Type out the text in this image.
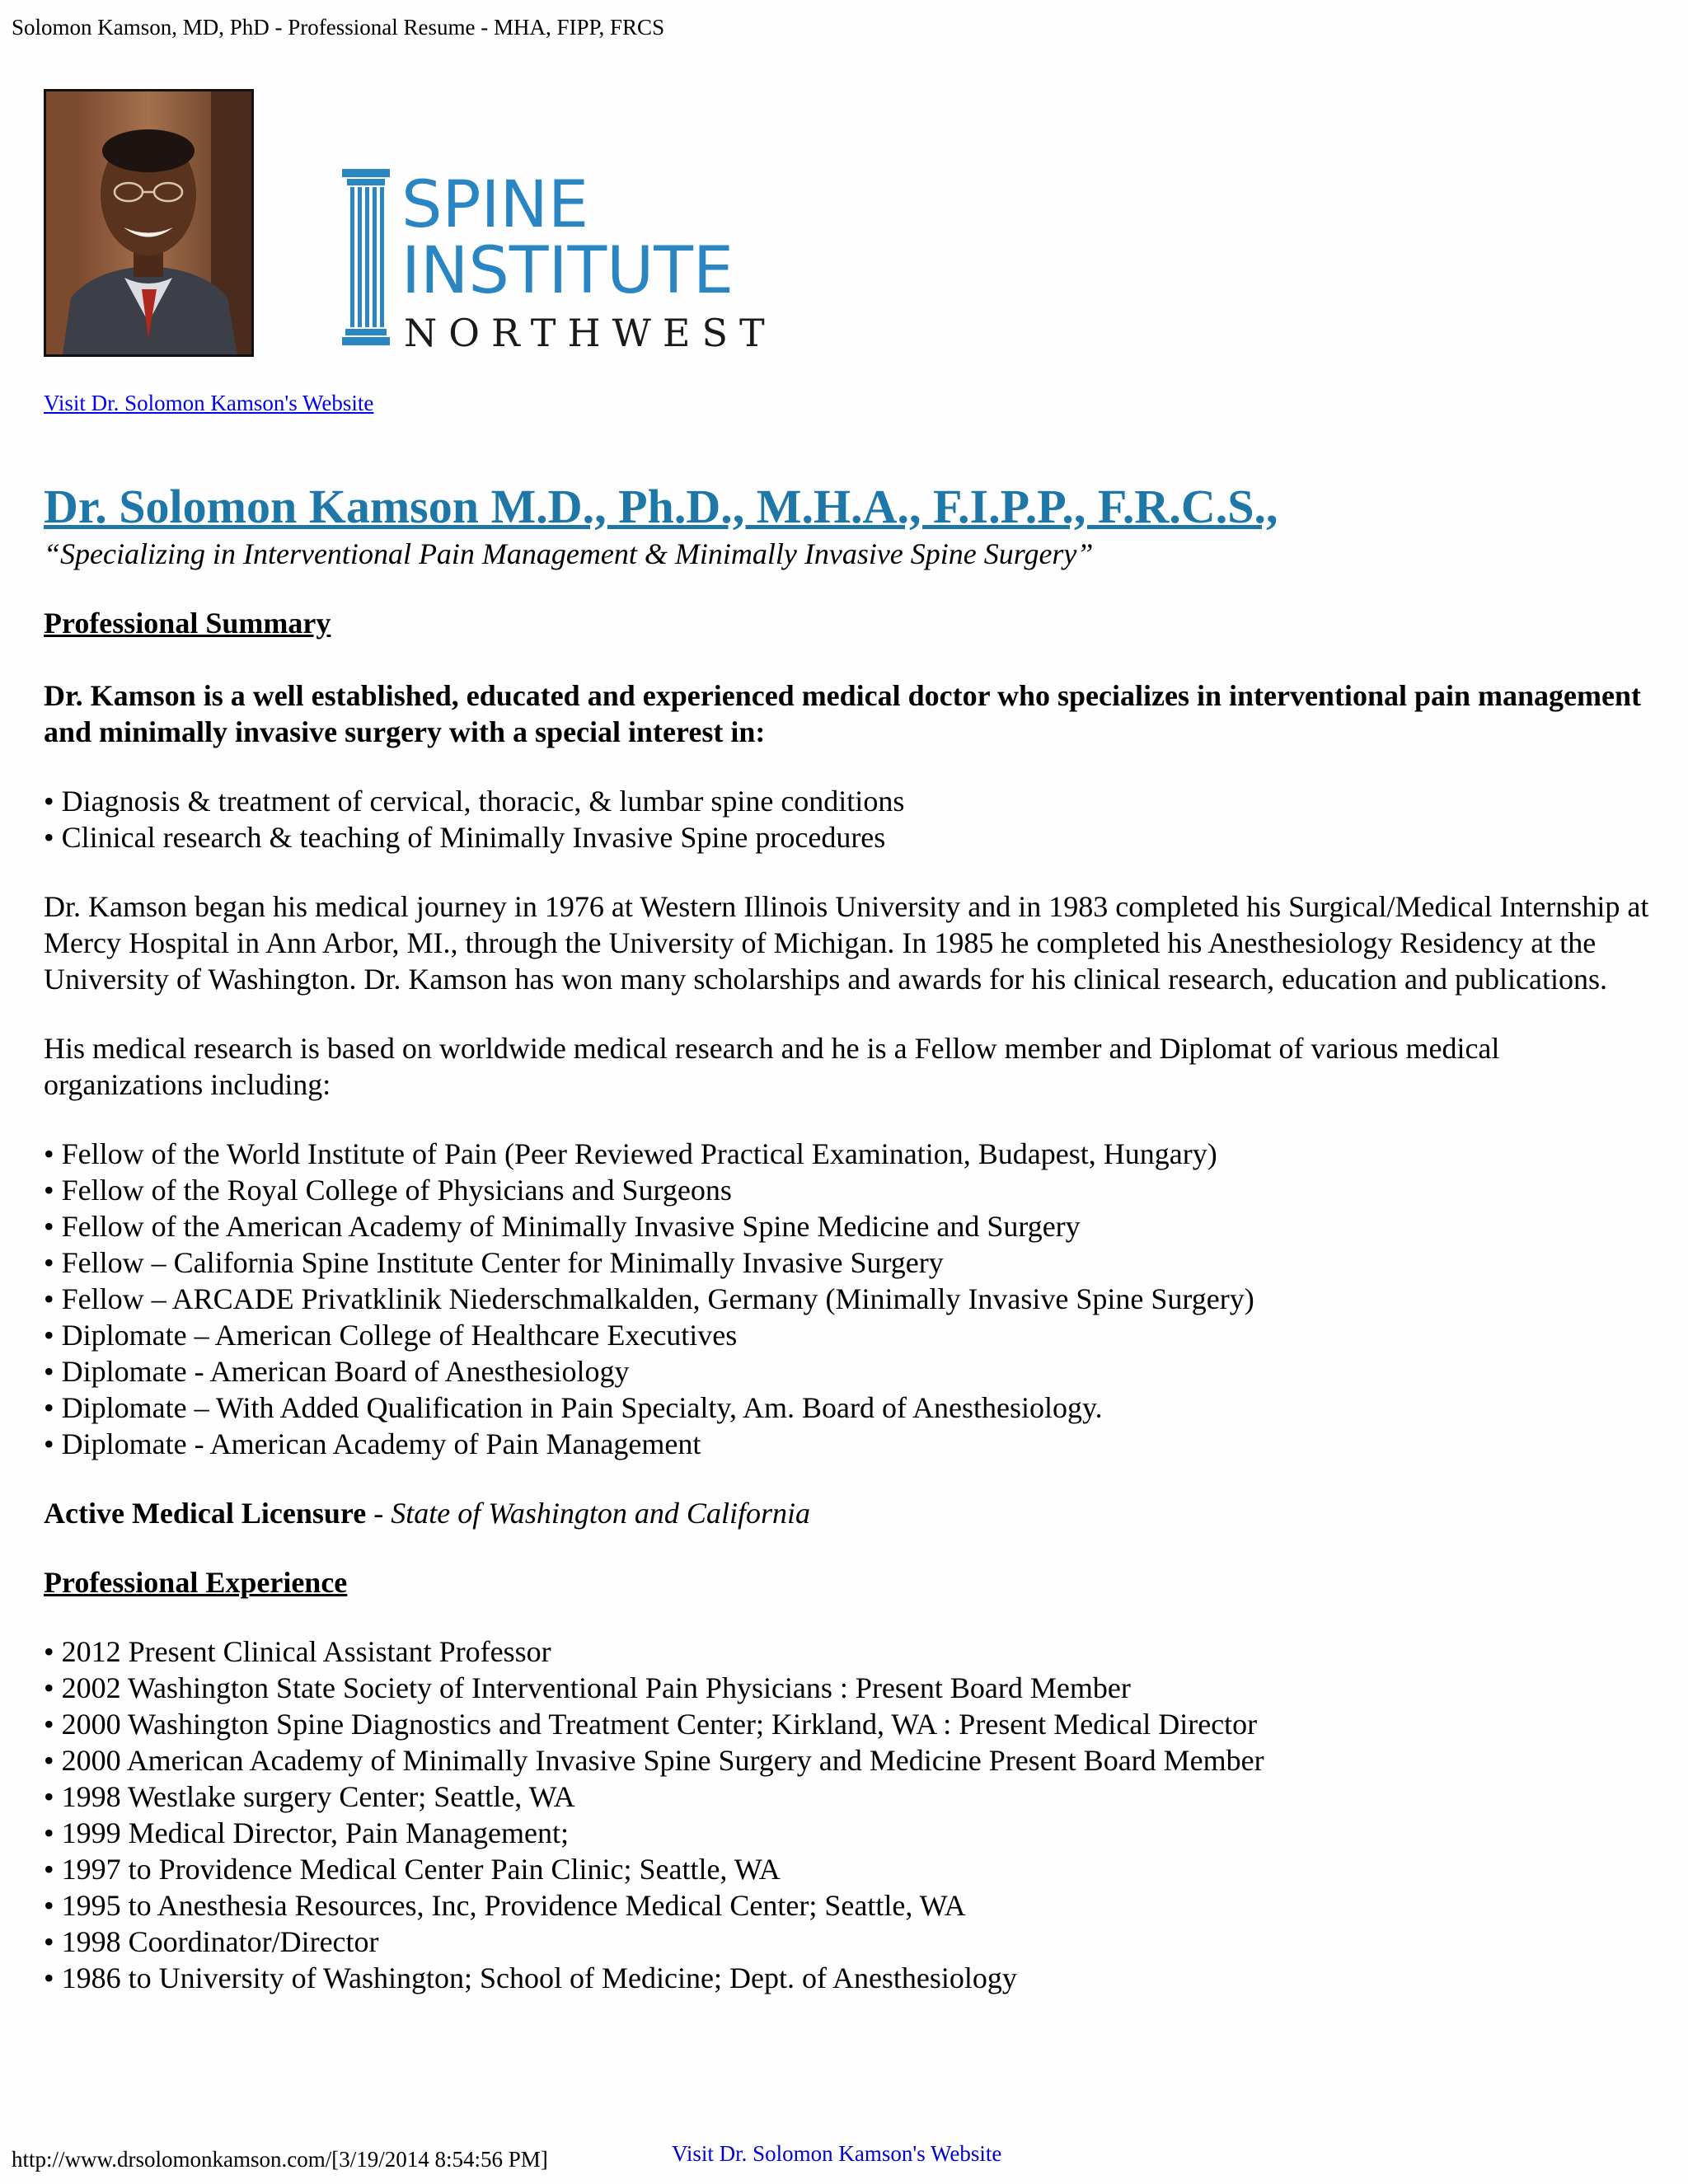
Solomon Kamson, MD, PhD - Professional Resume - MHA, FIPP, FRCS
SPINE
INSTITUTE
NORTHWEST
Visit Dr. Solomon Kamson's Website
Dr. Solomon Kamson M.D., Ph.D., M.H.A., F.I.P.P., F.R.C.S.,

“Specializing in Interventional Pain Management & Minimally Invasive Spine Surgery”

Professional Summary

Dr. Kamson is a well established, educated and experienced medical doctor who specializes in interventional pain management and minimally invasive surgery with a special interest in:

• Diagnosis & treatment of cervical, thoracic, & lumbar spine conditions
• Clinical research & teaching of Minimally Invasive Spine procedures

Dr. Kamson began his medical journey in 1976 at Western Illinois University and in 1983 completed his Surgical/Medical Internship at Mercy Hospital in Ann Arbor, MI., through the University of Michigan. In 1985 he completed his Anesthesiology Residency at the University of Washington. Dr. Kamson has won many scholarships and awards for his clinical research, education and publications.

His medical research is based on worldwide medical research and he is a Fellow member and Diplomat of various medical organizations including:

• Fellow of the World Institute of Pain (Peer Reviewed Practical Examination, Budapest, Hungary)
• Fellow of the Royal College of Physicians and Surgeons
• Fellow of the American Academy of Minimally Invasive Spine Medicine and Surgery
• Fellow – California Spine Institute Center for Minimally Invasive Surgery
• Fellow – ARCADE Privatklinik Niederschmalkalden, Germany (Minimally Invasive Spine Surgery)
• Diplomate – American College of Healthcare Executives
• Diplomate - American Board of Anesthesiology
• Diplomate – With Added Qualification in Pain Specialty, Am. Board of Anesthesiology.
• Diplomate - American Academy of Pain Management

Active Medical Licensure - State of Washington and California

Professional Experience

• 2012 Present Clinical Assistant Professor
• 2002 Washington State Society of Interventional Pain Physicians : Present Board Member
• 2000 Washington Spine Diagnostics and Treatment Center; Kirkland, WA : Present Medical Director
• 2000 American Academy of Minimally Invasive Spine Surgery and Medicine Present Board Member
• 1998 Westlake surgery Center; Seattle, WA
• 1999 Medical Director, Pain Management;
• 1997 to Providence Medical Center Pain Clinic; Seattle, WA
• 1995 to Anesthesia Resources, Inc, Providence Medical Center; Seattle, WA
• 1998 Coordinator/Director
• 1986 to University of Washington; School of Medicine; Dept. of Anesthesiology
http://www.drsolomonkamson.com/[3/19/2014 8:54:56 PM]	Visit Dr. Solomon Kamson's Website
